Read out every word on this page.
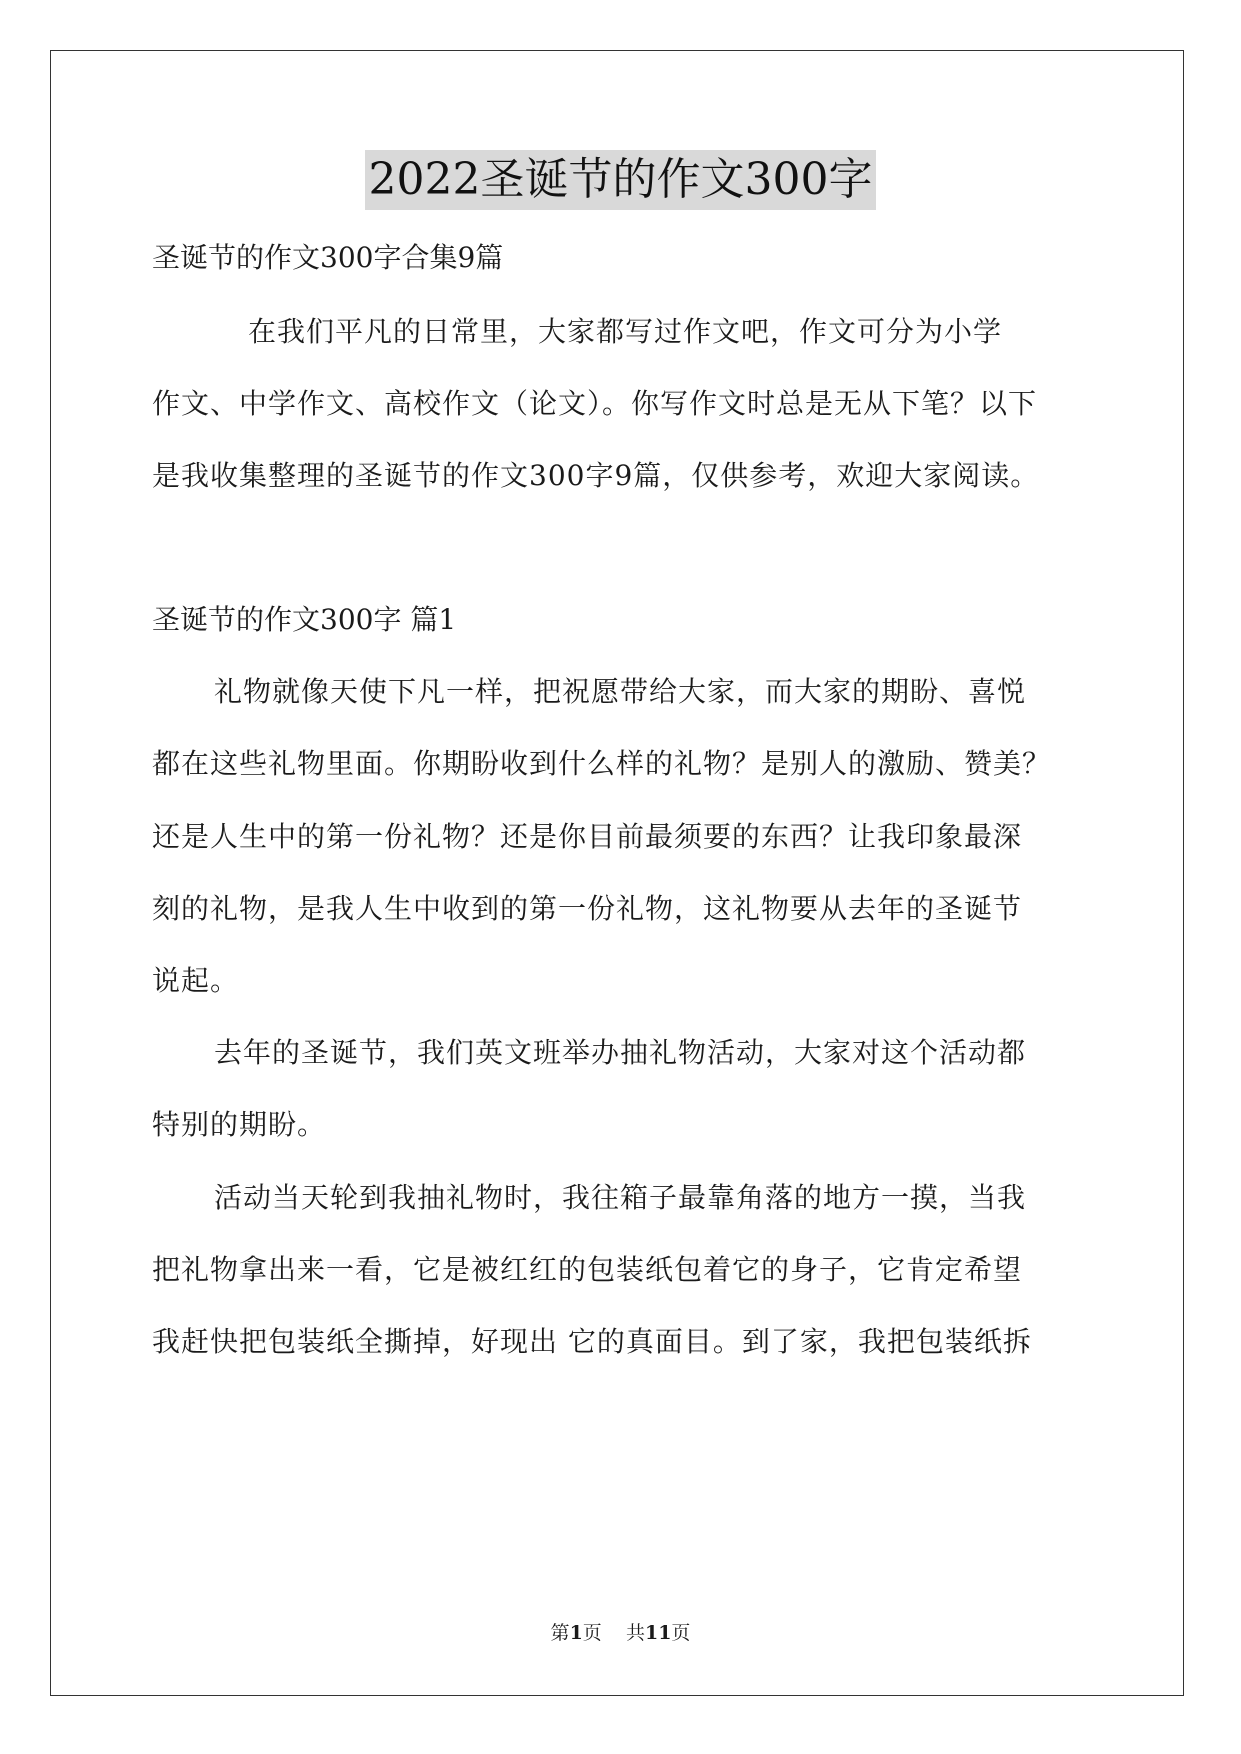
2022圣诞节的作文300字
圣诞节的作文300字合集9篇
在我们平凡的日常里，大家都写过作文吧，作文可分为小学
作文、中学作文、高校作文（论文）。你写作文时总是无从下笔？以下
是我收集整理的圣诞节的作文300字9篇，仅供参考，欢迎大家阅读。
圣诞节的作文300字 篇1
礼物就像天使下凡一样，把祝愿带给大家，而大家的期盼、喜悦
都在这些礼物里面。你期盼收到什么样的礼物？是别人的激励、赞美？
还是人生中的第一份礼物？还是你目前最须要的东西？让我印象最深
刻的礼物，是我人生中收到的第一份礼物，这礼物要从去年的圣诞节
说起。
去年的圣诞节，我们英文班举办抽礼物活动，大家对这个活动都
特别的期盼。
活动当天轮到我抽礼物时，我往箱子最靠角落的地方一摸，当我
把礼物拿出来一看，它是被红红的包装纸包着它的身子，它肯定希望
我赶快把包装纸全撕掉，好现出 它的真面目。到了家，我把包装纸拆
第1页    共11页
